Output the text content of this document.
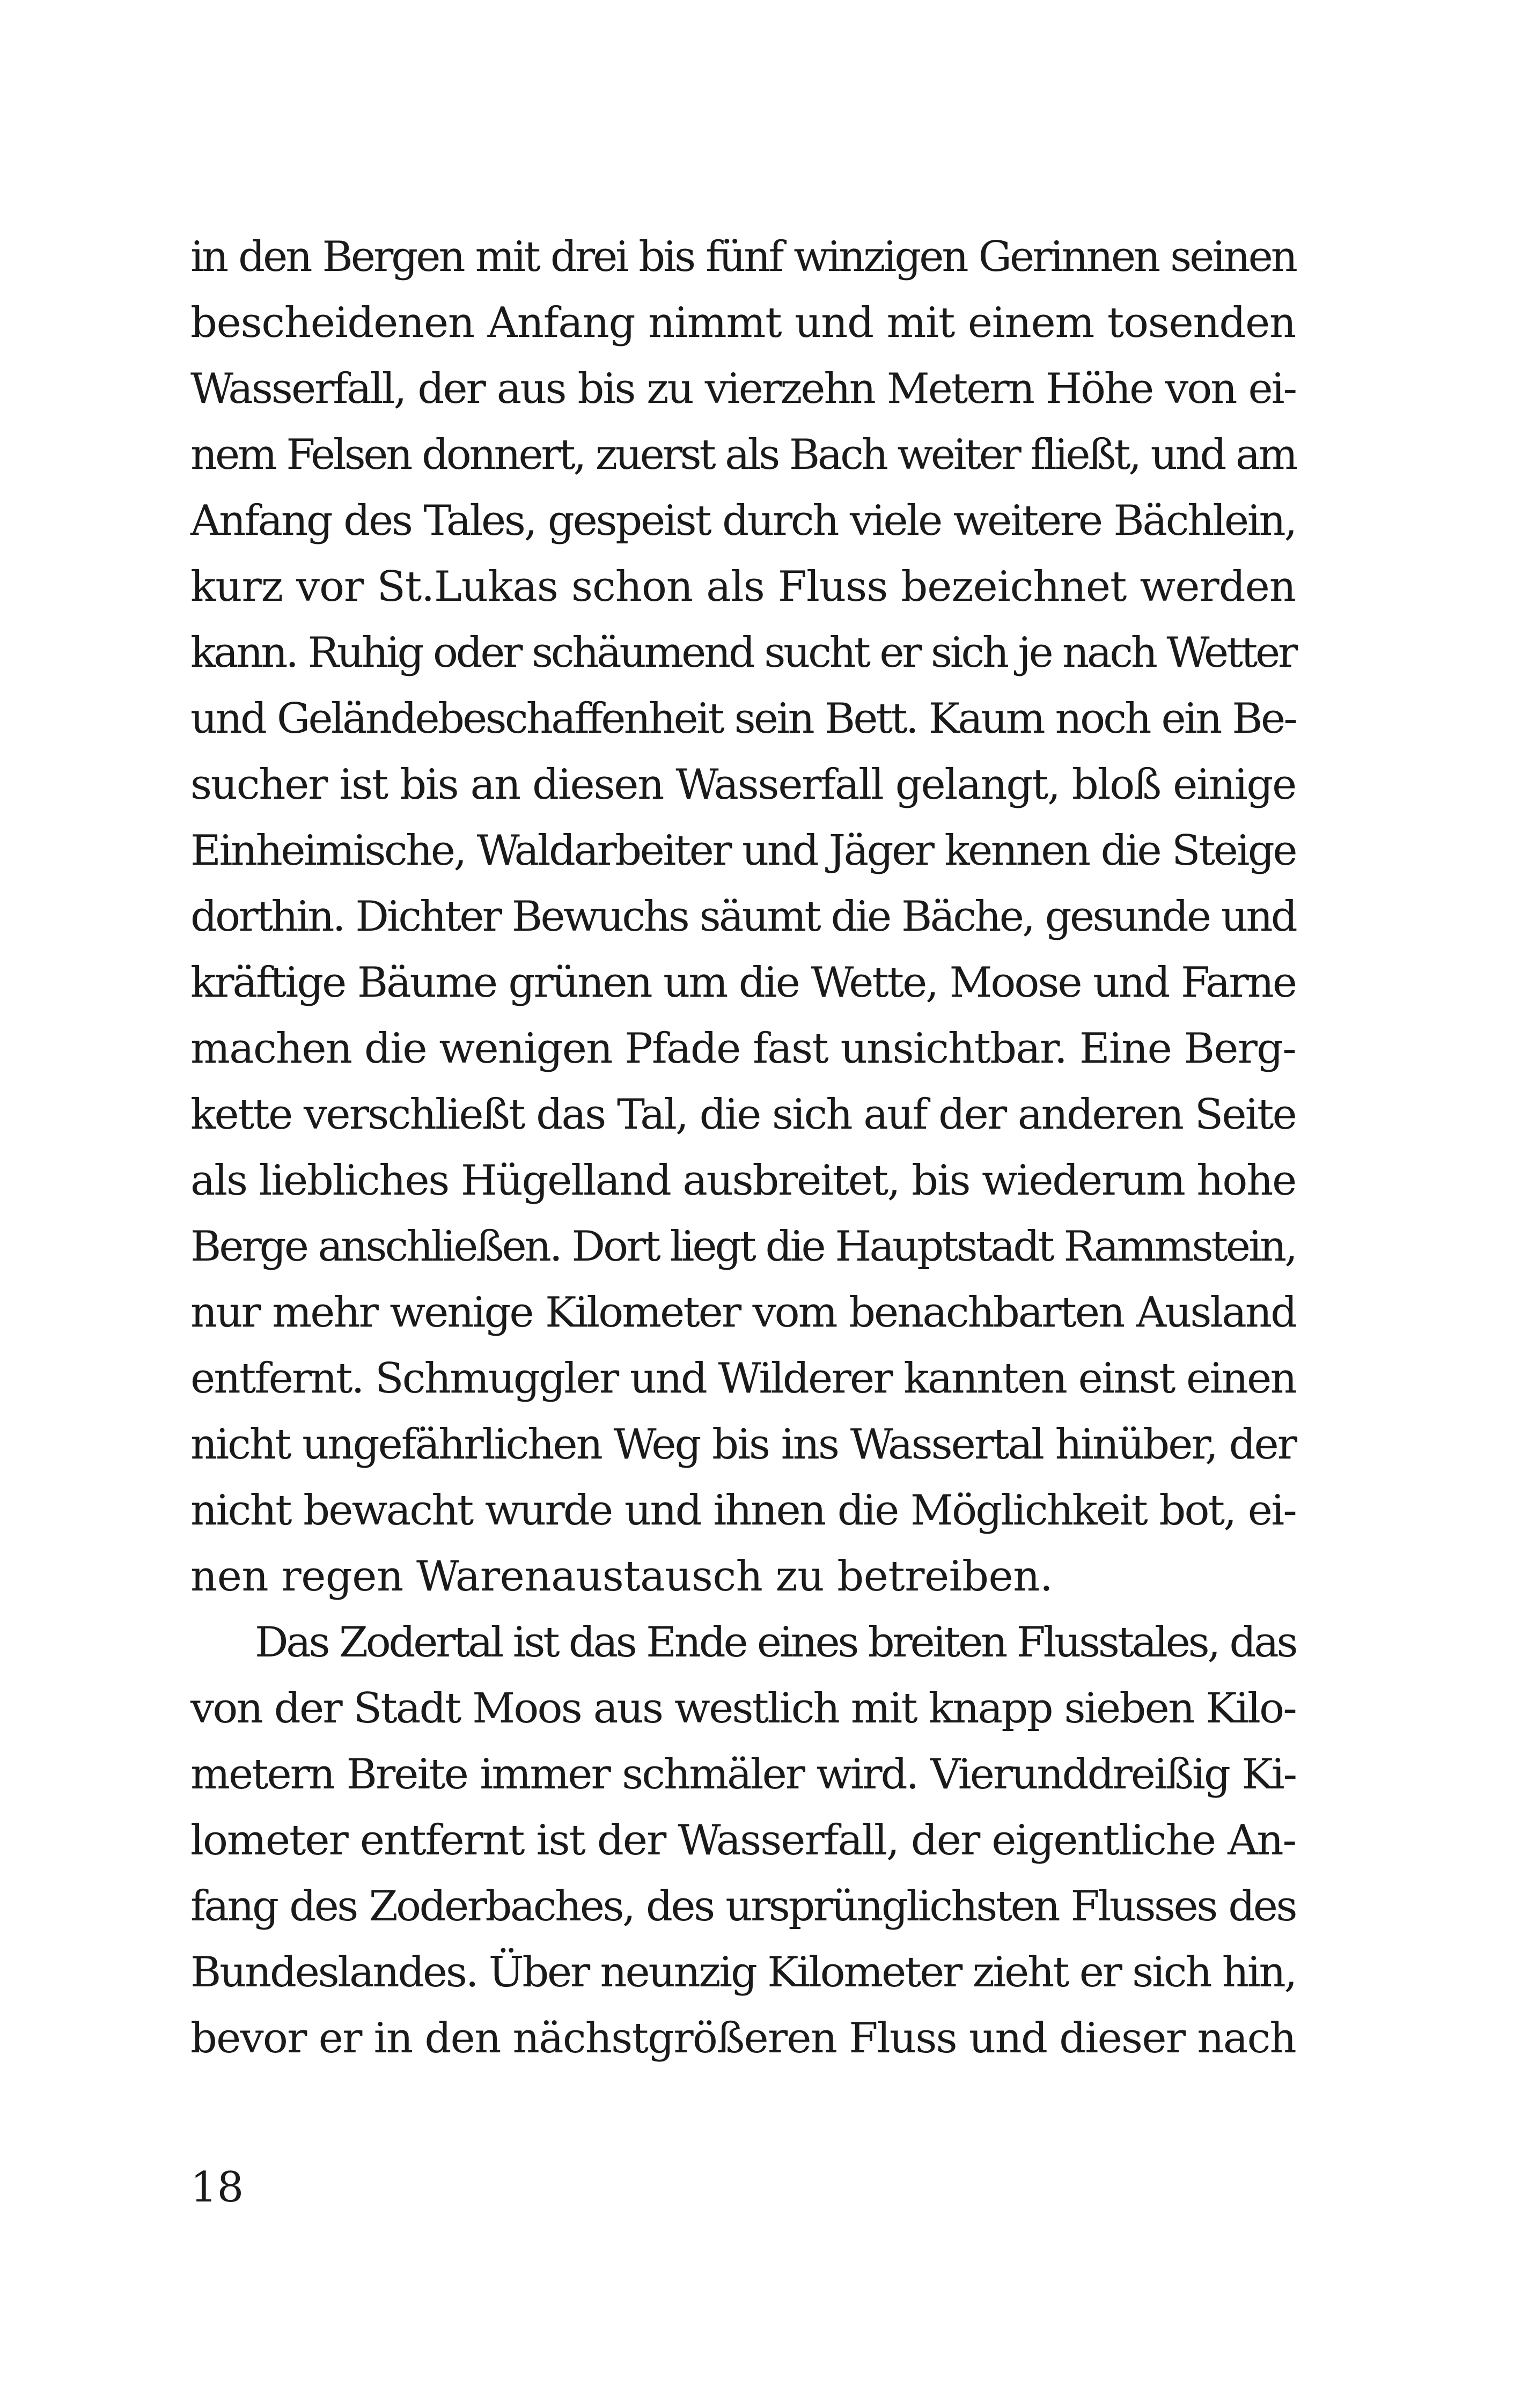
in den Bergen mit drei bis fünf winzigen Gerinnen seinen
bescheidenen Anfang nimmt und mit einem tosenden
Wasserfall, der aus bis zu vierzehn Metern Höhe von ei-
nem Felsen donnert, zuerst als Bach weiter fließt, und am
Anfang des Tales, gespeist durch viele weitere Bächlein,
kurz vor St.Lukas schon als Fluss bezeichnet werden
kann. Ruhig oder schäumend sucht er sich je nach Wetter
und Geländebeschaffenheit sein Bett. Kaum noch ein Be-
sucher ist bis an diesen Wasserfall gelangt, bloß einige
Einheimische, Waldarbeiter und Jäger kennen die Steige
dorthin. Dichter Bewuchs säumt die Bäche, gesunde und
kräftige Bäume grünen um die Wette, Moose und Farne
machen die wenigen Pfade fast unsichtbar. Eine Berg-
kette verschließt das Tal, die sich auf der anderen Seite
als liebliches Hügelland ausbreitet, bis wiederum hohe
Berge anschließen. Dort liegt die Hauptstadt Rammstein,
nur mehr wenige Kilometer vom benachbarten Ausland
entfernt. Schmuggler und Wilderer kannten einst einen
nicht ungefährlichen Weg bis ins Wassertal hinüber, der
nicht bewacht wurde und ihnen die Möglichkeit bot, ei-
nen regen Warenaustausch zu betreiben.
Das Zodertal ist das Ende eines breiten Flusstales, das
von der Stadt Moos aus westlich mit knapp sieben Kilo-
metern Breite immer schmäler wird. Vierunddreißig Ki-
lometer entfernt ist der Wasserfall, der eigentliche An-
fang des Zoderbaches, des ursprünglichsten Flusses des
Bundeslandes. Über neunzig Kilometer zieht er sich hin,
bevor er in den nächstgrößeren Fluss und dieser nach
18
